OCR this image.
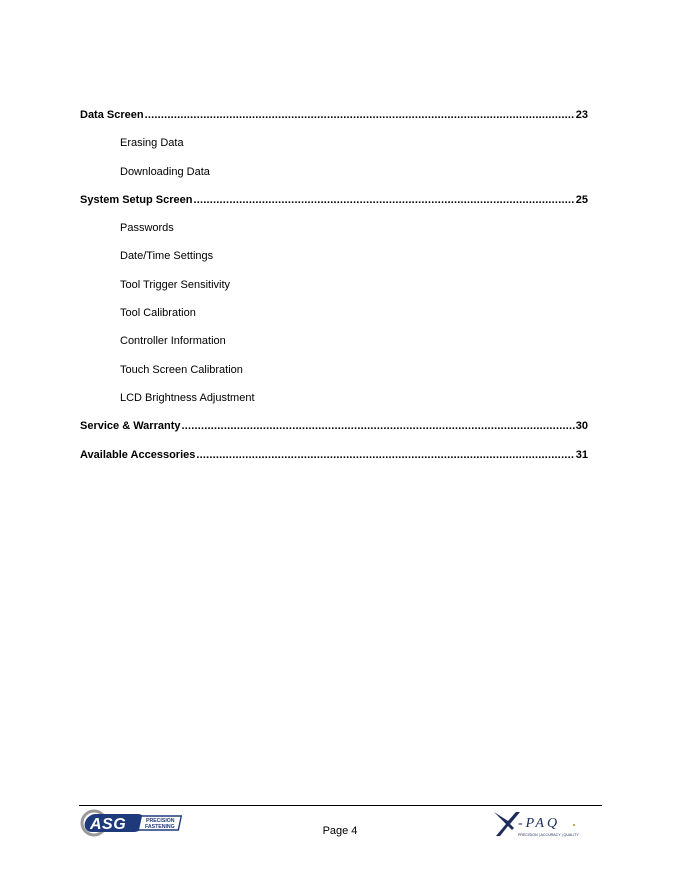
Data Screen .....	23
Erasing Data
Downloading Data
System Setup Screen .....	25
Passwords
Date/Time Settings
Tool Trigger Sensitivity
Tool Calibration
Controller Information
Touch Screen Calibration
LCD Brightness Adjustment
Service & Warranty .....	30
Available Accessories .....	31
ASG	PRECISION
FASTENING	Page 4	-PAQ
PRECISION | ACCURACY | QUALITY
